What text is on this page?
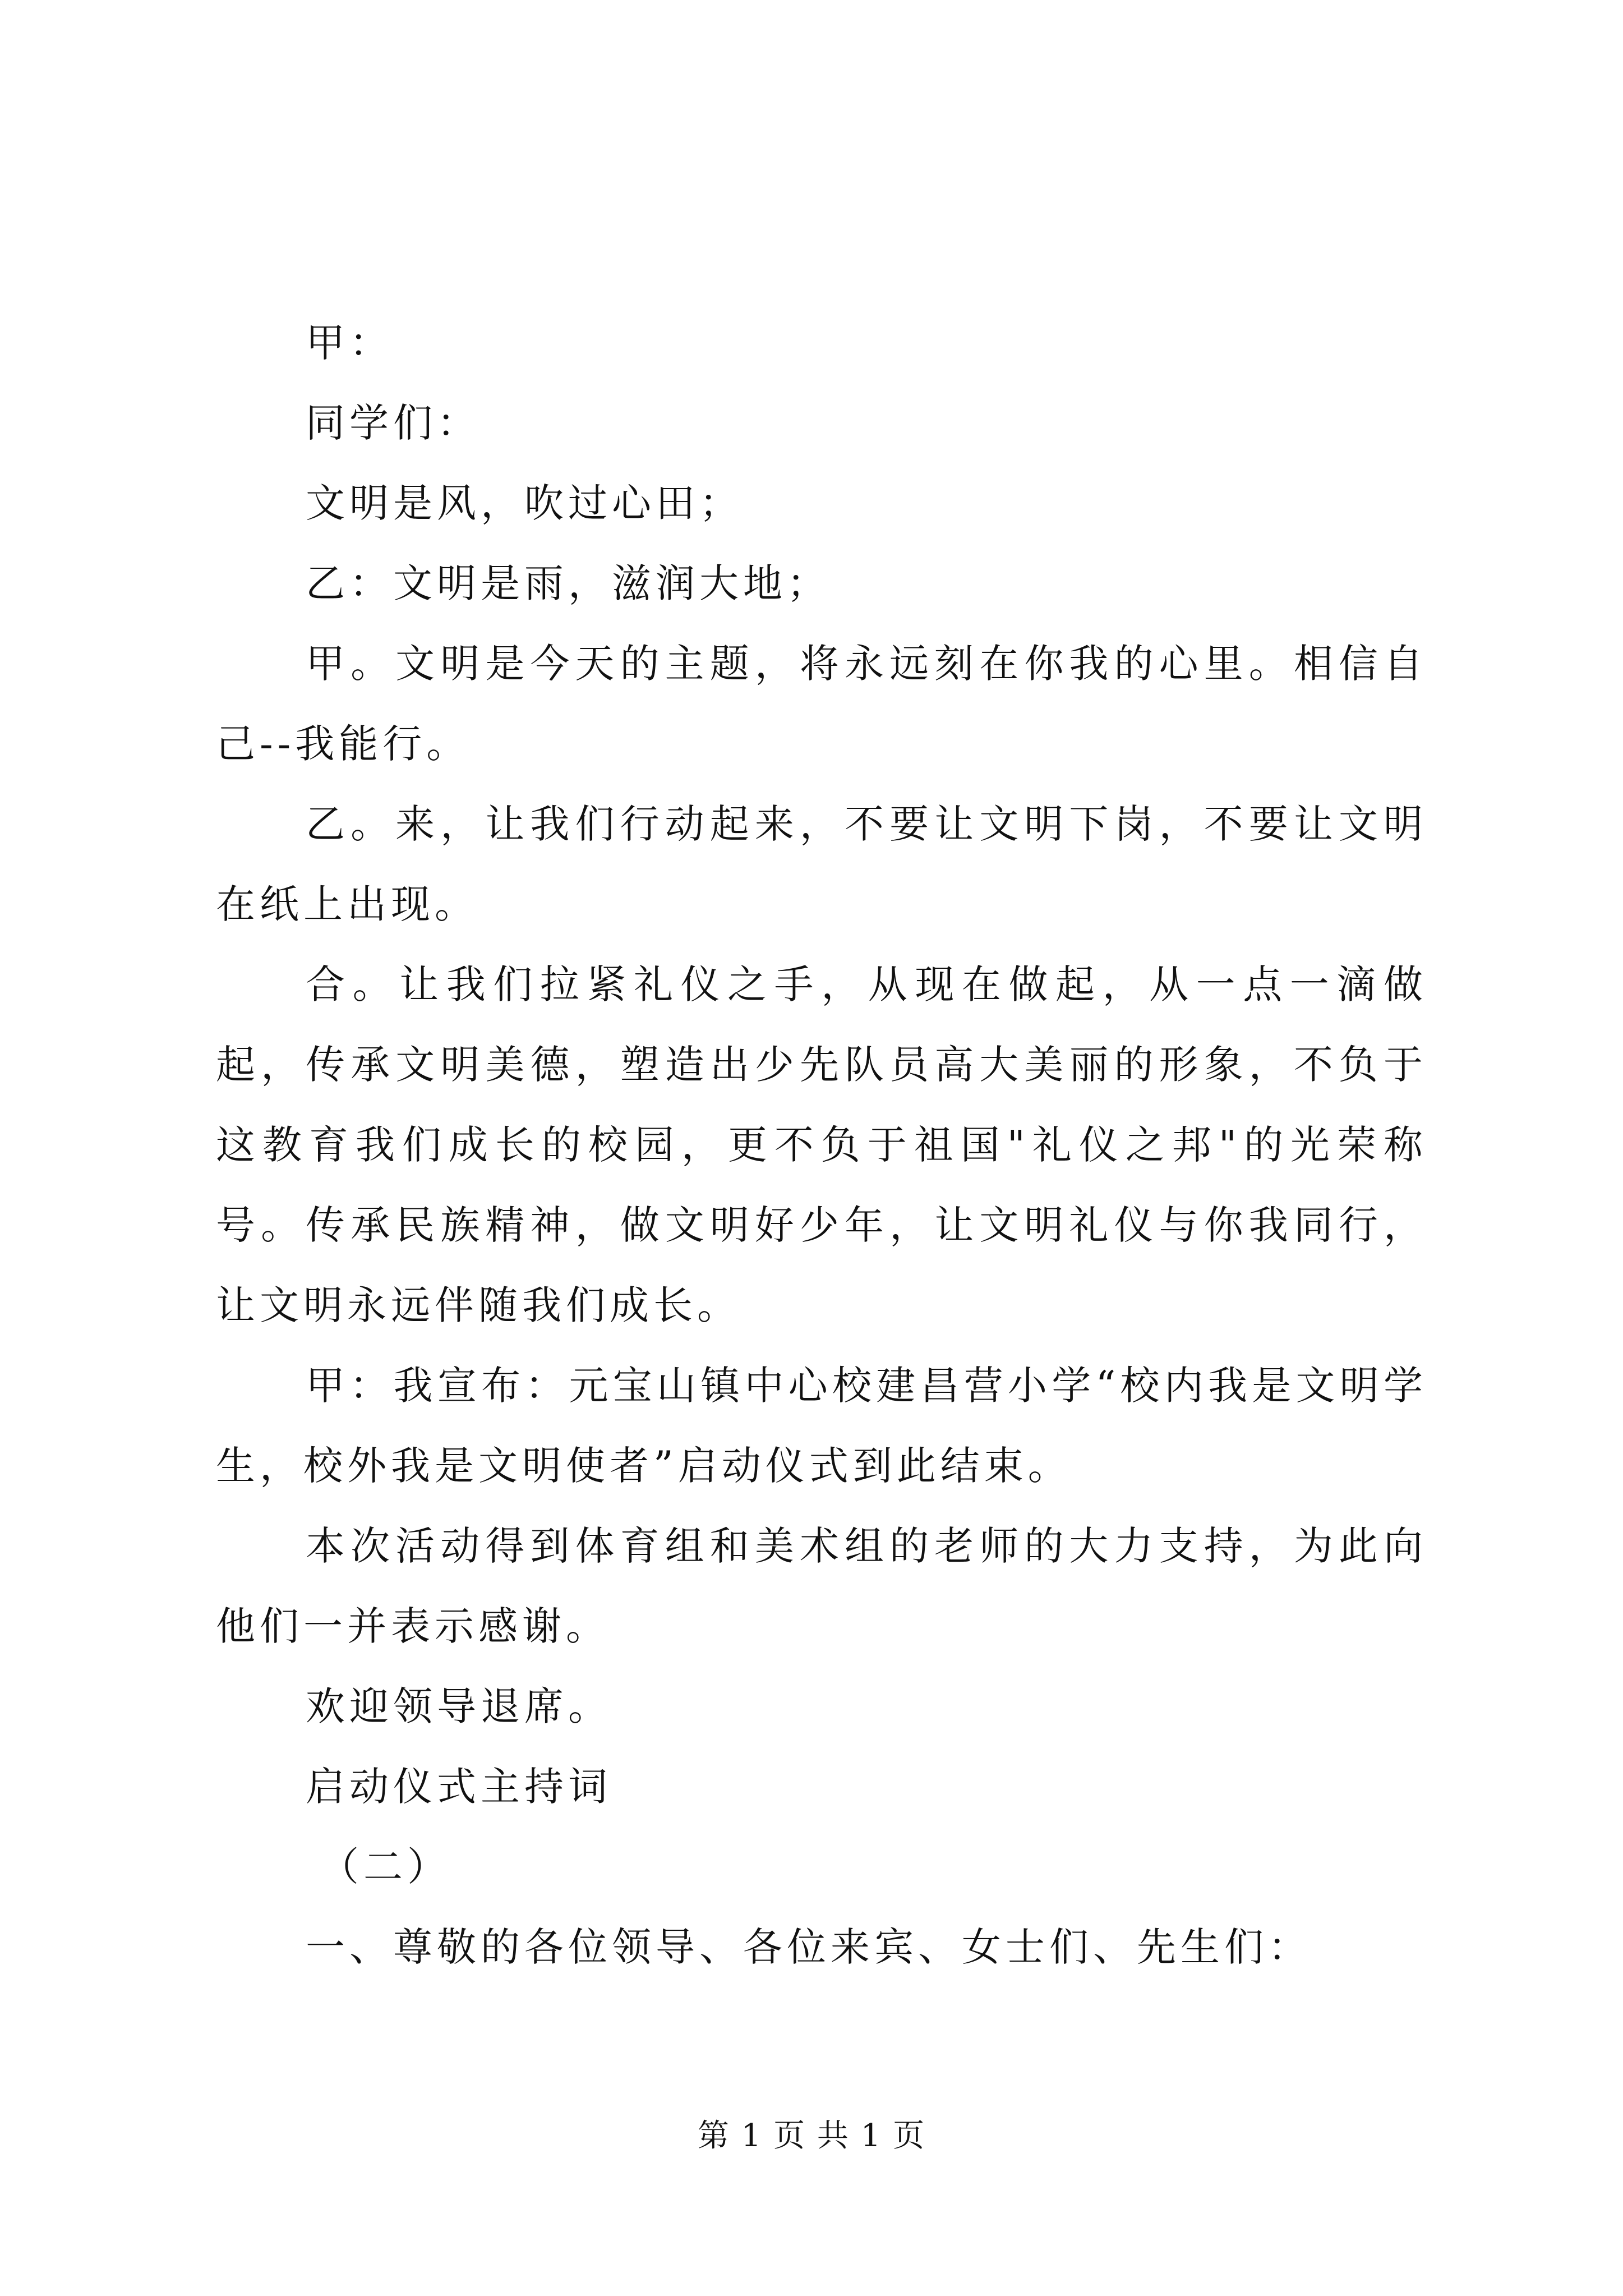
甲：

同学们：

文明是风，吹过心田；

乙：文明是雨，滋润大地；

甲。文明是今天的主题，将永远刻在你我的心里。相信自己--我能行。

乙。来，让我们行动起来，不要让文明下岗，不要让文明在纸上出现。

合。让我们拉紧礼仪之手，从现在做起，从一点一滴做起，传承文明美德，塑造出少先队员高大美丽的形象，不负于这教育我们成长的校园，更不负于祖国"礼仪之邦"的光荣称号。传承民族精神，做文明好少年，让文明礼仪与你我同行，让文明永远伴随我们成长。

甲：我宣布：元宝山镇中心校建昌营小学“校内我是文明学生，校外我是文明使者”启动仪式到此结束。

本次活动得到体育组和美术组的老师的大力支持，为此向他们一并表示感谢。

欢迎领导退席。

启动仪式主持词

（二）

一、尊敬的各位领导、各位来宾、女士们、先生们：

第 1 页 共 1 页
